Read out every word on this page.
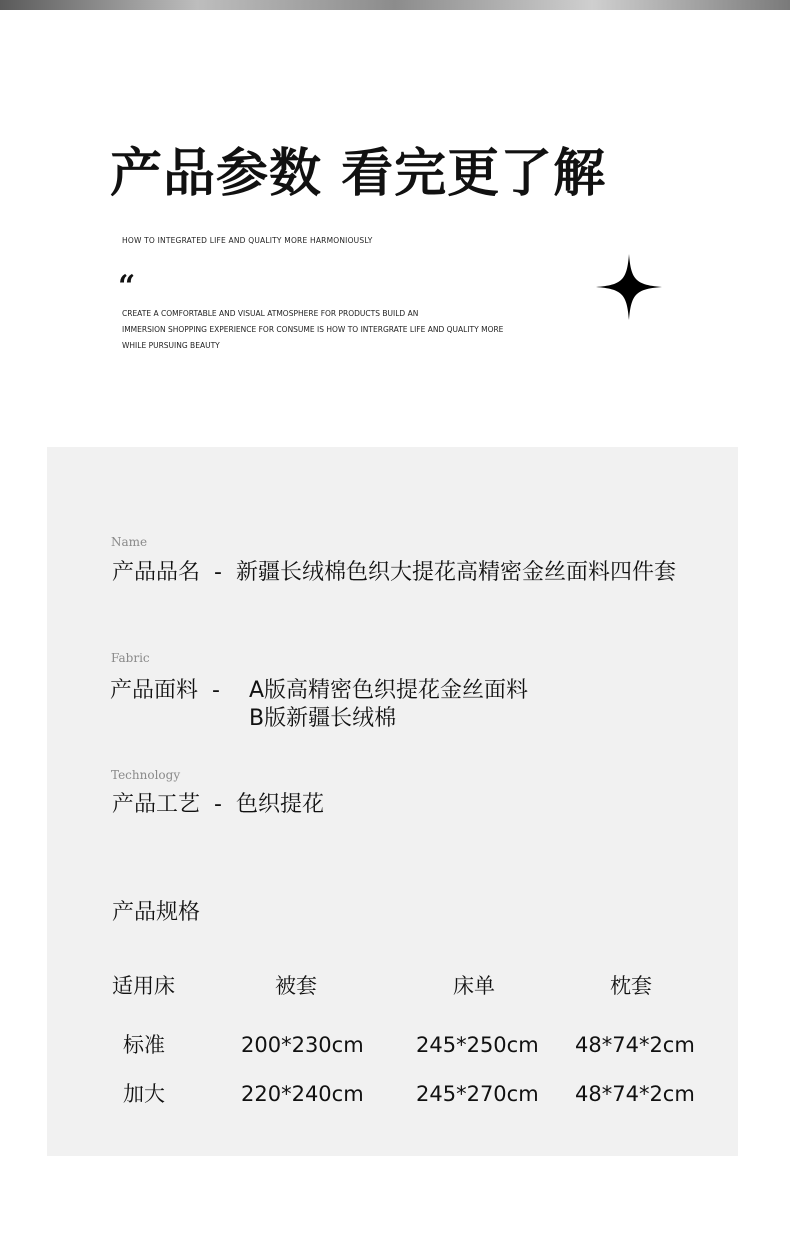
产品参数 看完更了解
HOW TO INTEGRATED LIFE AND QUALITY MORE HARMONIOUSLY
“
CREATE A COMFORTABLE AND VISUAL ATMOSPHERE FOR PRODUCTS BUILD AN
IMMERSION SHOPPING EXPERIENCE FOR CONSUME IS HOW TO INTERGRATE LIFE AND QUALITY MORE
WHILE PURSUING BEAUTY
Name
产品品名 - 新疆长绒棉色织大提花高精密金丝面料四件套
Fabric
产品面料 -	A版高精密色织提花金丝面料
B版新疆长绒棉
Technology
产品工艺 - 色织提花
产品规格
适用床	被套	床单	枕套
标准	200*230cm 245*250cm 48*74*2cm
加大	220*240cm 245*270cm 48*74*2cm
